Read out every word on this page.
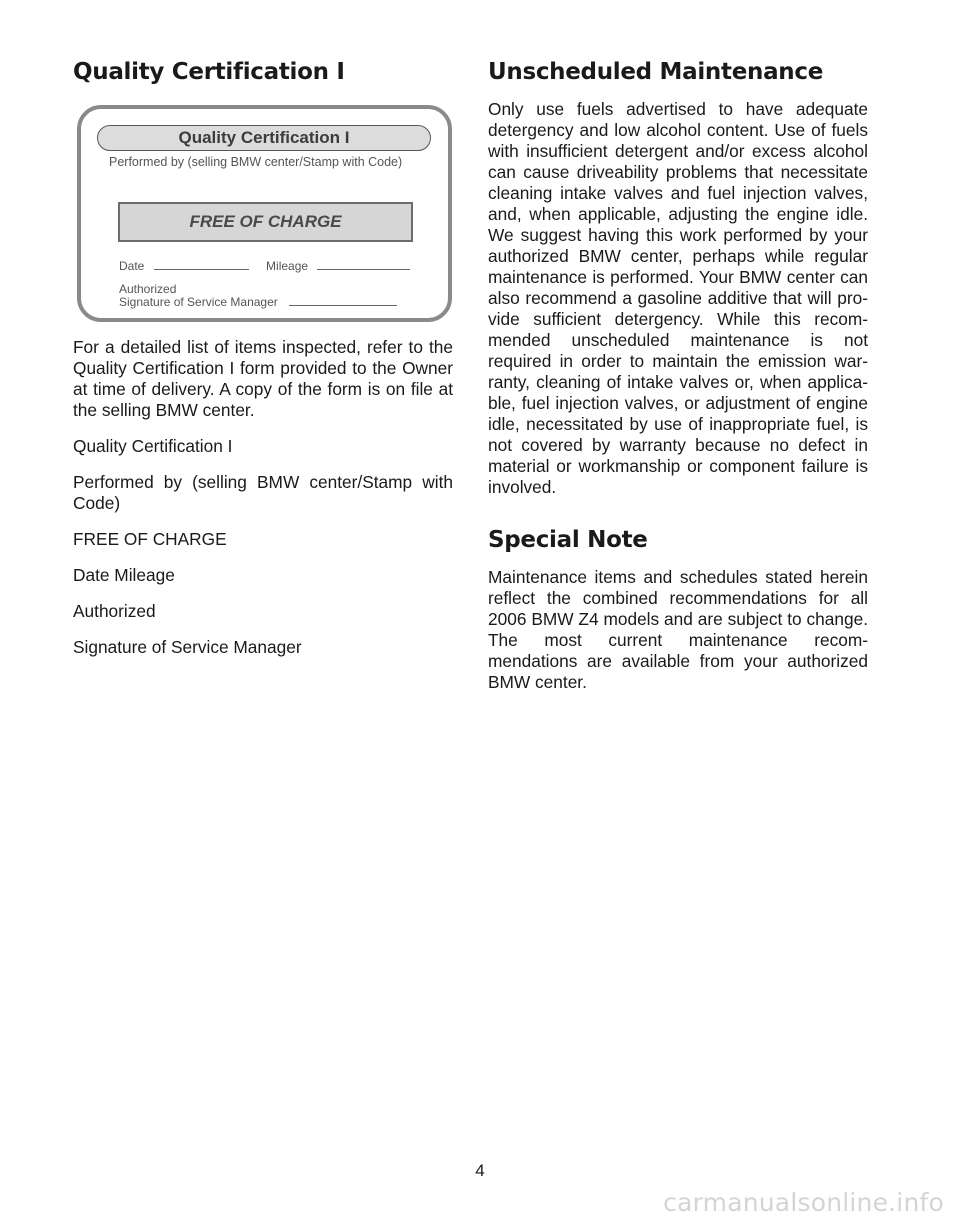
Quality Certification I
Quality Certification I
Performed by (selling BMW center/Stamp with Code)
FREE OF CHARGE
Date	Mileage
Authorized
Signature of Service Manager

For a detailed list of items inspected, refer to the Quality Certification I form provided to the Owner at time of delivery. A copy of the form is on file at the selling BMW center.

Quality Certification I

Performed by (selling BMW center/Stamp with Code)

FREE OF CHARGE

Date Mileage

Authorized

Signature of Service Manager

Unscheduled Maintenance

Only use fuels advertised to have adequate detergency and low alcohol content. Use of fuels with insufficient detergent and/or excess alcohol can cause driveability problems that necessitate cleaning intake valves and fuel injection valves, and, when applicable, adjusting the engine idle. We suggest having this work performed by your authorized BMW center, perhaps while regular maintenance is performed. Your BMW center can also recommend a gasoline additive that will pro-vide sufficient detergency. While this recom-mended unscheduled maintenance is not required in order to maintain the emission war-ranty, cleaning of intake valves or, when applica-ble, fuel injection valves, or adjustment of engine idle, necessitated by use of inappropriate fuel, is not covered by warranty because no defect in material or workmanship or component failure is involved.

Special Note

Maintenance items and schedules stated herein reflect the combined recommendations for all 2006 BMW Z4 models and are subject to change. The most current maintenance recom-mendations are available from your authorized BMW center.

4
carmanualsonline.info
